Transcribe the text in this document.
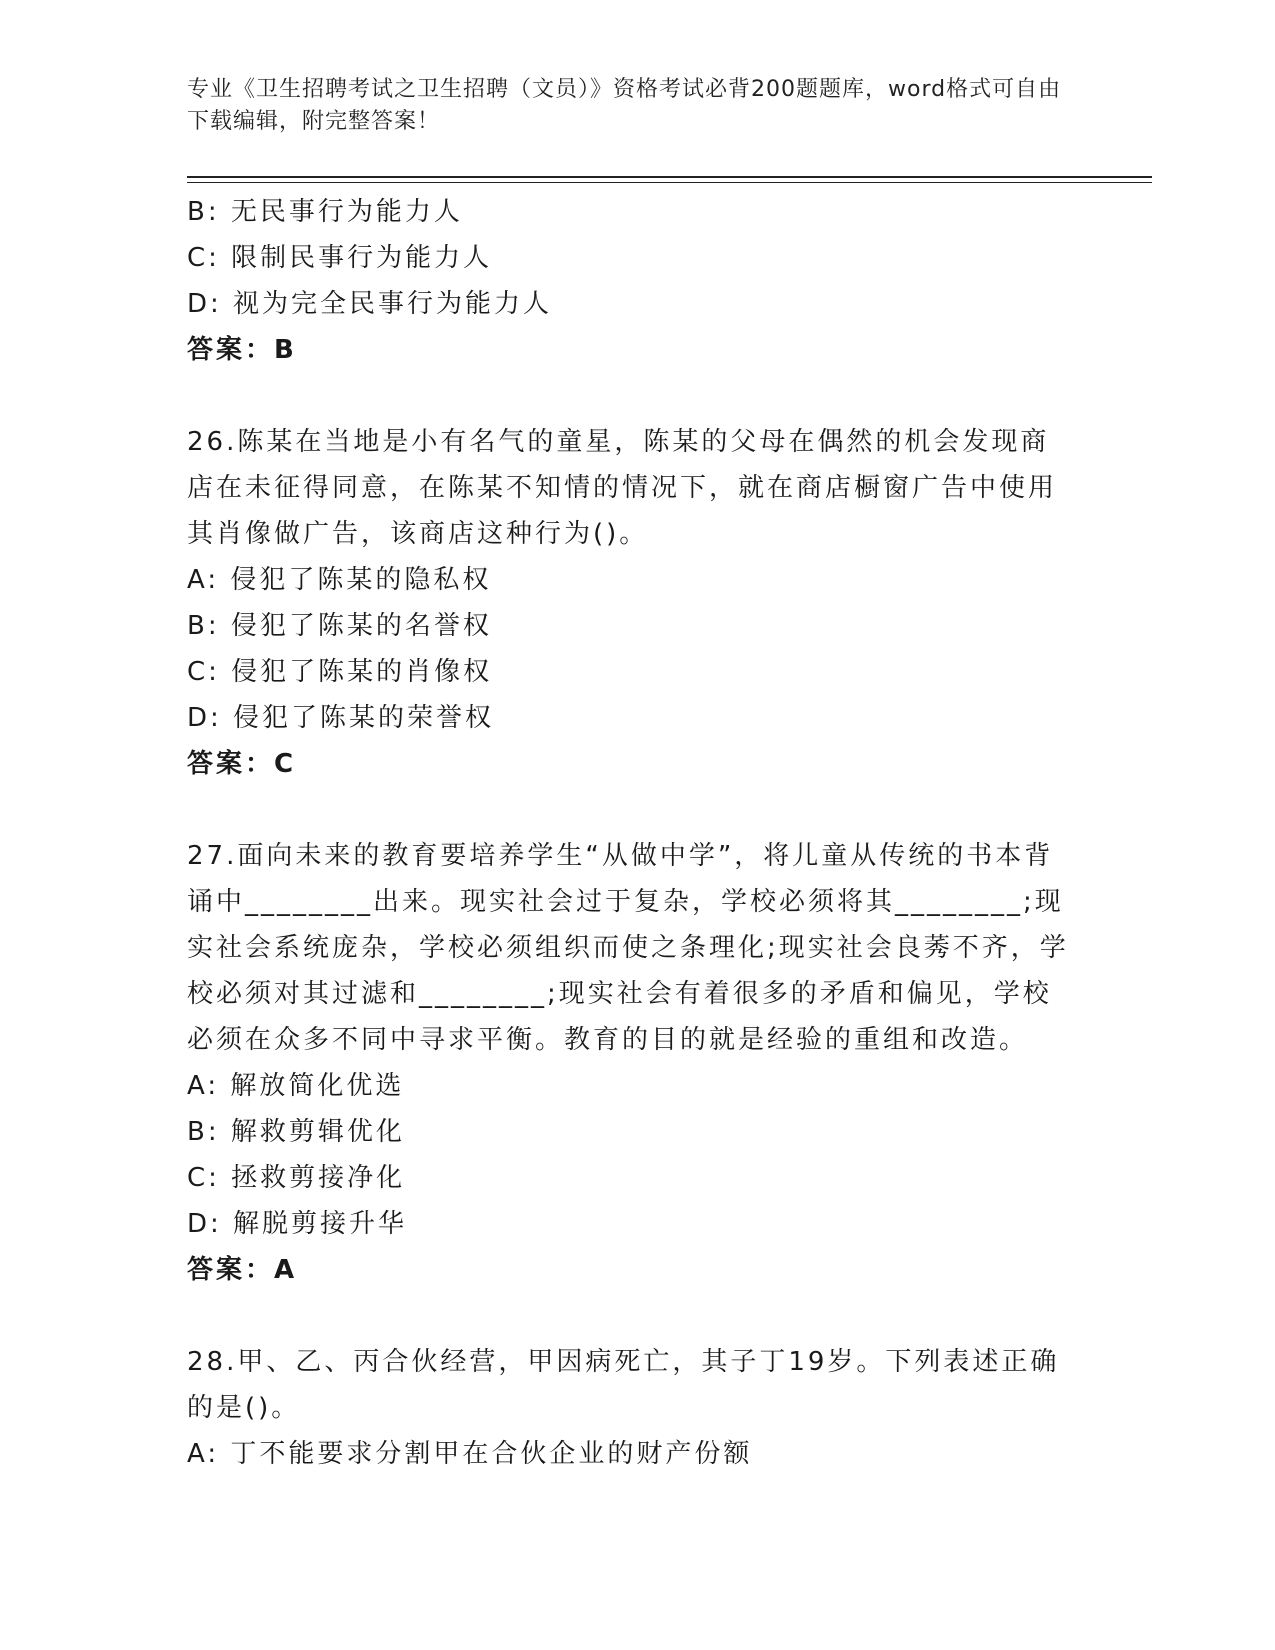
专业《卫生招聘考试之卫生招聘（文员）》资格考试必背200题题库，word格式可自由下载编辑，附完整答案！
B: 无民事行为能力人
C: 限制民事行为能力人
D: 视为完全民事行为能力人
答案：B
26.陈某在当地是小有名气的童星，陈某的父母在偶然的机会发现商店在未征得同意，在陈某不知情的情况下，就在商店橱窗广告中使用其肖像做广告，该商店这种行为()。
A: 侵犯了陈某的隐私权
B: 侵犯了陈某的名誉权
C: 侵犯了陈某的肖像权
D: 侵犯了陈某的荣誉权
答案：C
27.面向未来的教育要培养学生“从做中学”，将儿童从传统的书本背诵中________出来。现实社会过于复杂，学校必须将其________;现实社会系统庞杂，学校必须组织而使之条理化;现实社会良莠不齐，学校必须对其过滤和________;现实社会有着很多的矛盾和偏见，学校必须在众多不同中寻求平衡。教育的目的就是经验的重组和改造。
A: 解放简化优选
B: 解救剪辑优化
C: 拯救剪接净化
D: 解脱剪接升华
答案：A
28.甲、乙、丙合伙经营，甲因病死亡，其子丁19岁。下列表述正确的是()。
A: 丁不能要求分割甲在合伙企业的财产份额
